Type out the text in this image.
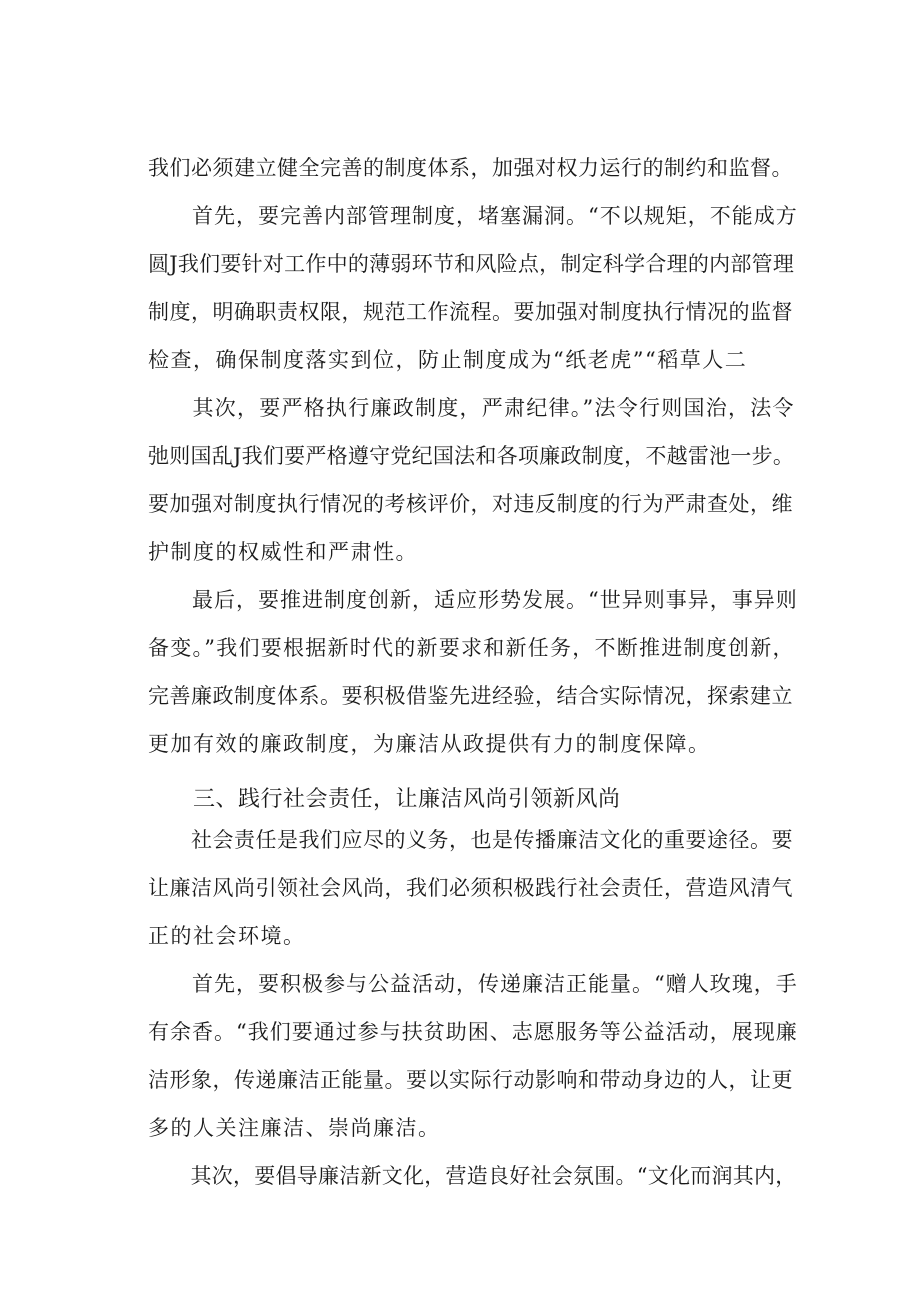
我们必须建立健全完善的制度体系，加强对权力运行的制约和监督。
　　首先，要完善内部管理制度，堵塞漏洞。“不以规矩，不能成方
圆J我们要针对工作中的薄弱环节和风险点，制定科学合理的内部管理
制度，明确职责权限，规范工作流程。要加强对制度执行情况的监督
检查，确保制度落实到位，防止制度成为“纸老虎”“稻草人二
　　其次，要严格执行廉政制度，严肃纪律。”法令行则国治，法令
弛则国乱J我们要严格遵守党纪国法和各项廉政制度，不越雷池一步。
要加强对制度执行情况的考核评价，对违反制度的行为严肃查处，维
护制度的权威性和严肃性。
　　最后，要推进制度创新，适应形势发展。“世异则事异，事异则
备变。”我们要根据新时代的新要求和新任务，不断推进制度创新，
完善廉政制度体系。要积极借鉴先进经验，结合实际情况，探索建立
更加有效的廉政制度，为廉洁从政提供有力的制度保障。
　　三、践行社会责任，让廉洁风尚引领新风尚
　　社会责任是我们应尽的义务，也是传播廉洁文化的重要途径。要
让廉洁风尚引领社会风尚，我们必须积极践行社会责任，营造风清气
正的社会环境。
　　首先，要积极参与公益活动，传递廉洁正能量。“赠人玫瑰，手
有余香。“我们要通过参与扶贫助困、志愿服务等公益活动，展现廉
洁形象，传递廉洁正能量。要以实际行动影响和带动身边的人，让更
多的人关注廉洁、崇尚廉洁。
　　其次，要倡导廉洁新文化，营造良好社会氛围。“文化而润其内，
